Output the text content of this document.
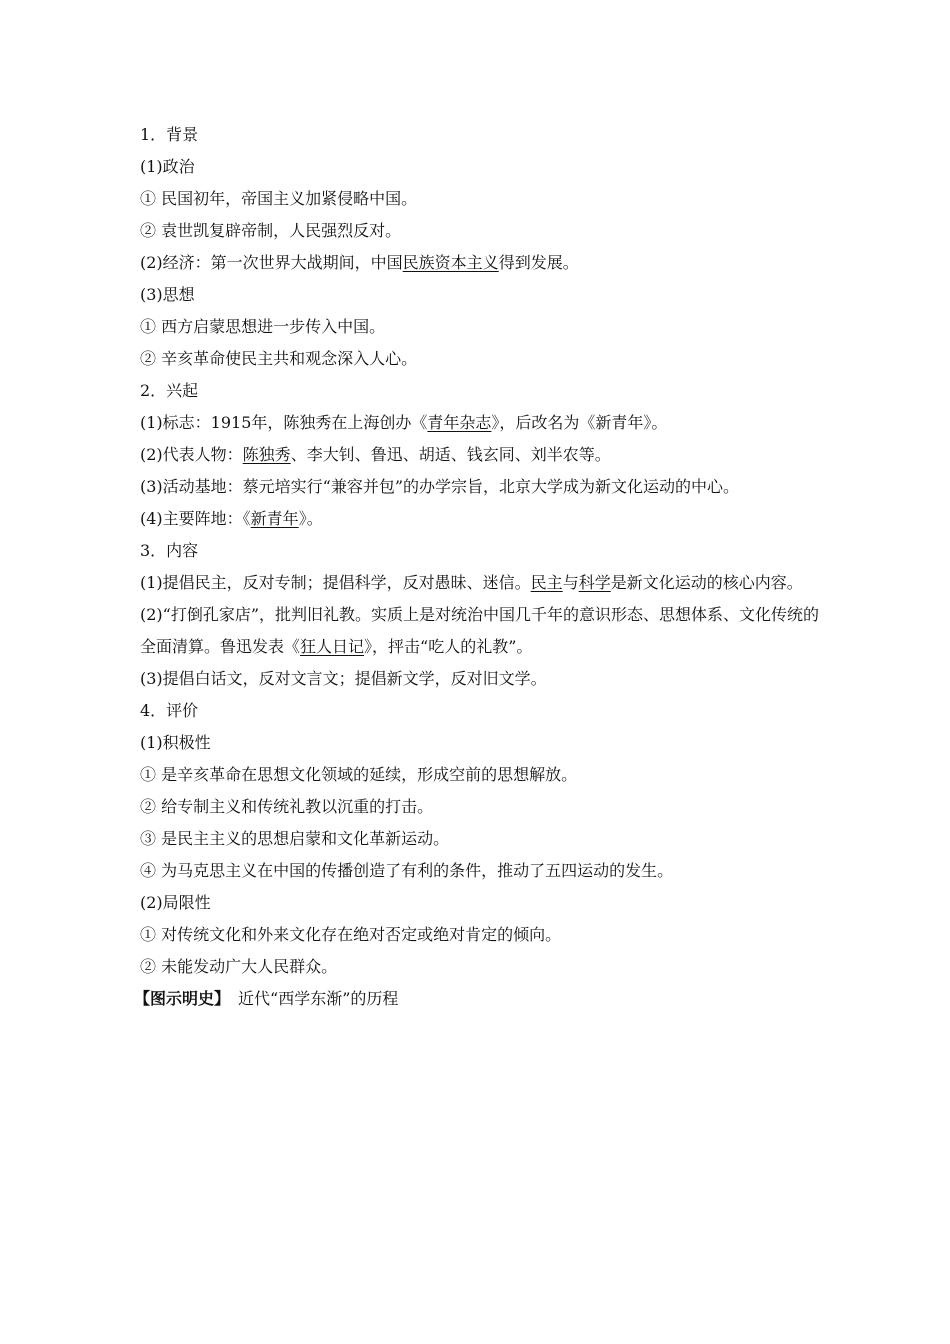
1．背景
(1)政治
① 民国初年，帝国主义加紧侵略中国。
② 袁世凯复辟帝制，人民强烈反对。
(2)经济：第一次世界大战期间，中国民族资本主义得到发展。
(3)思想
① 西方启蒙思想进一步传入中国。
② 辛亥革命使民主共和观念深入人心。
2．兴起
(1)标志：1915年，陈独秀在上海创办《青年杂志》，后改名为《新青年》。
(2)代表人物：陈独秀、李大钊、鲁迅、胡适、钱玄同、刘半农等。
(3)活动基地：蔡元培实行“兼容并包”的办学宗旨，北京大学成为新文化运动的中心。
(4)主要阵地：《新青年》。
3．内容
(1)提倡民主，反对专制；提倡科学，反对愚昧、迷信。民主与科学是新文化运动的核心内容。
(2)“打倒孔家店”，批判旧礼教。实质上是对统治中国几千年的意识形态、思想体系、文化传统的全面清算。鲁迅发表《狂人日记》，抨击“吃人的礼教”。
(3)提倡白话文，反对文言文；提倡新文学，反对旧文学。
4．评价
(1)积极性
① 是辛亥革命在思想文化领域的延续，形成空前的思想解放。
② 给专制主义和传统礼教以沉重的打击。
③ 是民主主义的思想启蒙和文化革新运动。
④ 为马克思主义在中国的传播创造了有利的条件，推动了五四运动的发生。
(2)局限性
① 对传统文化和外来文化存在绝对否定或绝对肯定的倾向。
② 未能发动广大人民群众。
【图示明史】 近代“西学东渐”的历程
